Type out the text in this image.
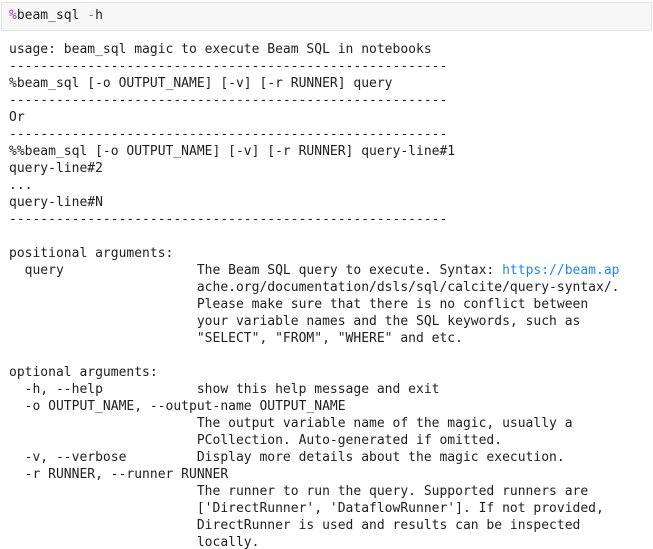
%beam_sql -h
usage: beam_sql magic to execute Beam SQL in notebooks
--------------------------------------------------------
%beam_sql [-o OUTPUT_NAME] [-v] [-r RUNNER] query
--------------------------------------------------------
Or
--------------------------------------------------------
%%beam_sql [-o OUTPUT_NAME] [-v] [-r RUNNER] query-line#1
query-line#2
...
query-line#N
--------------------------------------------------------

positional arguments:
query                 The Beam SQL query to execute. Syntax: https://beam.ap
ache.org/documentation/dsls/sql/calcite/query-syntax/.
Please make sure that there is no conflict between
your variable names and the SQL keywords, such as
"SELECT", "FROM", "WHERE" and etc.

optional arguments:
-h, --help            show this help message and exit
-o OUTPUT_NAME, --output-name OUTPUT_NAME
The output variable name of the magic, usually a
PCollection. Auto-generated if omitted.
-v, --verbose         Display more details about the magic execution.
-r RUNNER, --runner RUNNER
The runner to run the query. Supported runners are
['DirectRunner', 'DataflowRunner']. If not provided,
DirectRunner is used and results can be inspected
locally.
